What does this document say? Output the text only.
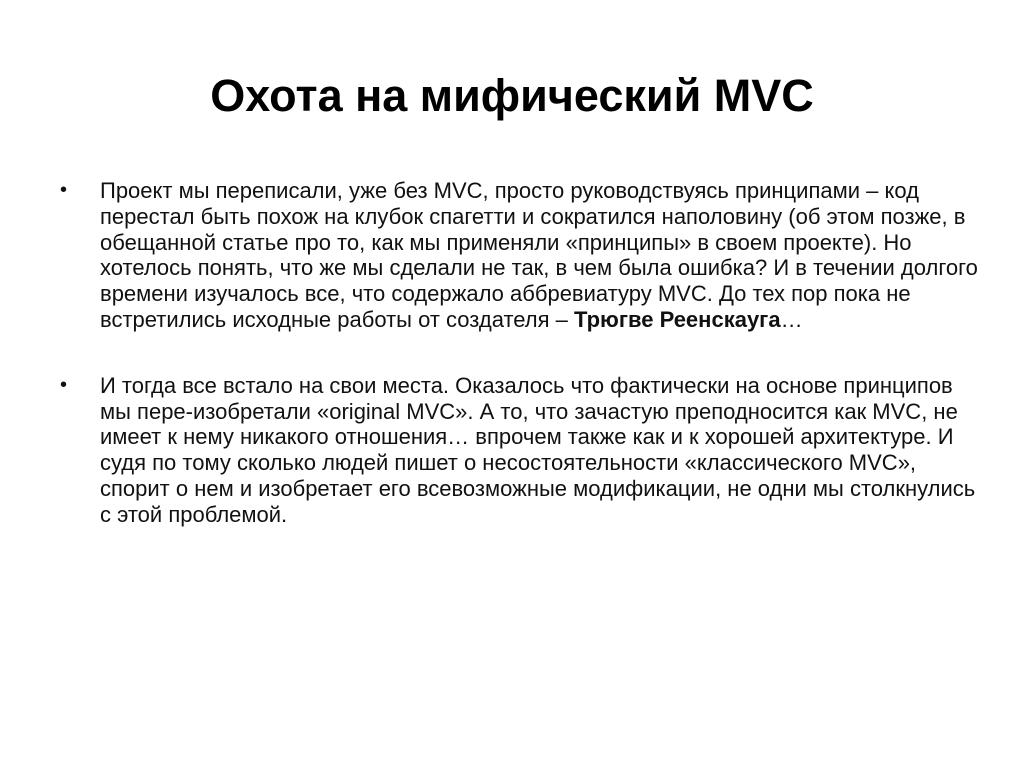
Охота на мифический MVC
• Проект мы переписали, уже без MVC, просто руководствуясь принципами – код перестал быть похож на клубок спагетти и сократился наполовину (об этом позже, в обещанной статье про то, как мы применяли «принципы» в своем проекте). Но хотелось понять, что же мы сделали не так, в чем была ошибка? И в течении долгого времени изучалось все, что содержало аббревиатуру MVC. До тех пор пока не встретились исходные работы от создателя – Трюгве Реенскауга…
• И тогда все встало на свои места. Оказалось что фактически на основе принципов мы пере-изобретали «original MVC». А то, что зачастую преподносится как MVC, не имеет к нему никакого отношения… впрочем также как и к хорошей архитектуре. И судя по тому сколько людей пишет о несостоятельности «классического MVC», спорит о нем и изобретает его всевозможные модификации, не одни мы столкнулись с этой проблемой.
